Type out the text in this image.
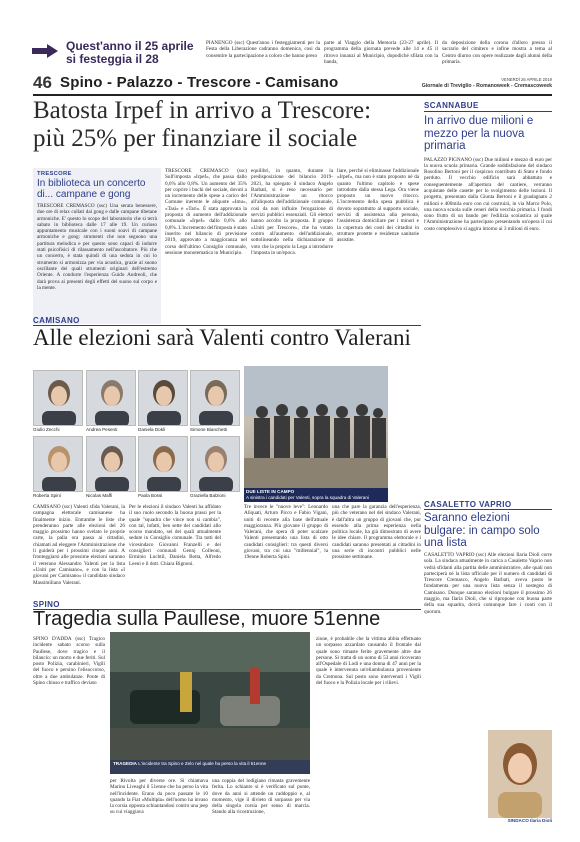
Quest'anno il 25 aprile si festeggia il 28
PIANENGO (ssc) Quest'anno i festeggiamenti per la Festa della Liberazione cadranno domenica, cosi da consentire la partecipazione a coloro che hanno preso
parte al Viaggio della Memoria (23-27 aprile). Il programma della giornata prevede alle 14 e 45 il ritrovo innanzi al Municipio, dopodiché sfilata con la banda,
da deposizione della corona d'alloro presso il sacrario del cimitero e infine mostra a tema al Centro diurno con opere realizzate dagli alunni della primaria.
46 Spino - Palazzo - Trescore - Camisano	VENERDÌ 26 APRILE 2019
Giornale di Treviglio - Romanoweek - Cremascoweek
Batosta Irpef in arrivo a Trescore: più 25% per finanziare il sociale
TRESCORE
In biblioteca un concerto di... campane e gong
TRESCORE CREMASCO (ssc) Una serata benessere, due ore di relax cullati dai gong e dalle campane tibetane armoniche. E' questo lo scopo del laboratorio che si terrà sabato in biblioteca dalle 17 alle 19. Un curioso appuntamento musicale con i suoni soavi di campane armoniche e gong: strumenti che non seguono una partitura melodica e per questo sono capaci di indurre stati psicofisici di rilassamento nell'ascoltatore. Più che un concerto, è stata quindi di una seduta in cui lo strumento si armonizza per via acustica, grazie al suono oscillante dei quali strumenti originari dell'estremo Oriente. A condurre l'esperienza Guido Andreoli, che darà prova ai presenti degli effetti del suono sul corpo e la mente.
TRESCORE CREMASCO (ssc) Sull'imposta «Irpef», che passa dallo 0,6% allo 0,8%. Un aumento del 35% per coprire i buchi del sociale, dovuti a un incremento delle spese a carico del Comune inerente le aliquote «Imu», «Tasi» e «Tari». È stata approvata la proposta di aumento dell'addizionale comunale «Irpef» dallo 0,6% allo 0,8%. L'incremento dell'imposta è stato inserito nel bilancio di previsione 2019, approvato a maggioranza nel corso dell'ultimo Consiglio comunale, sessione monotematica in Municipio.
equilibri, in quanto, durante la predisposizione del bilancio 2019-2021, ha spiegato il sindaco Angelo Barbati, si è reso necessario per l'Amministrazione un ritocco all'aliquota dell'addizionale comunale, così da non influire l'erogazione di servizi pubblici essenziali. Gli elettori hanno accolto la proposta. Il gruppo «Uniti per Trescore», che ha votato contro all'aumento dell'addizionale, sottolineando nella dichiarazione di voto che la proprio la Lega a introdurre l'imposta in un'epoca.
liare, perché si eliminasse l'addizionale «Irpef», ma non è stato proposto né da quanto l'ultimo capitolo e spese introdotte dalla stessa Lega. Ora viene proposto un nuovo ritocco. L'incremento della spesa pubblica è dovuto soprattutto al supporto sociale, servizi di assistenza alla persona, l'assistenza domiciliare per i minori e la copertura dei costi dei cittadini in strutture protette e residenze sanitarie assistite.
CAMISANO
Alle elezioni sarà Valenti contro Valerani
Giulio Zecchi	Andrea Pesenti	Daniela Dokli	Simone Bianchetti
Roberta Spini	Nicolas Maffi	Paola Bossi	Graziella Balzioni
DUE LISTE IN CAMPO
A sinistra i candidati per Valenti, sopra la squadra di Valerani
CAMISANO (ssc) Valenti sfida Valerani, la campagna elettorale camisanese ha finalmente inizio. Entrambe le liste che prenderanno parte alle elezioni del 26 maggio prossimo hanno svelato le proprie carte, la palla ora passa ai cittadini, chiamati ad eleggere l'Amministrazione che li guiderà per i prossimi cinque anni. A fronteggiarsi alle prossime elezioni saranno il veterano Alessandro Valenti per la lista «Uniti per Camisano», e con la lista «I giovani per Camisano» il candidato sindaco Massimiliano Valerani.
Per le elezioni il sindaco Valenti ha affidato il suo ruolo secondo la buona prassi per la quale "squadra che vince non si cambia", con tal, infatti, ben sette dei candidati allo scorso mandato, sei dei quali attualmente sedute in Consiglio comunale. Tra tutti del vicesindaco Giovanni Franzelli e dei consiglieri comunali Gennj Colleoni, Erminio Luchtil, Daniela Botta, Alfredo Leeni e il dott. Chiara Bignoni.
Tre invece le "nuove leve": Leonardo Aliquati, Arturo Picco e Fabio Vigani, uniti di recente alla base dell'attuale maggioranza. Più giovane il gruppo di Valerani, che spera di poter scalzare Valenti presentando una lista di otto candidati consiglieri: tra questi diversi giovani, tra cui una "millennial", la 19enne Roberta Spini.
una che pare la garanzia dell'esperienza, più che veterano nel del sindaco Valerani, è dall'altra un gruppo di giovani che, pur essendo alla prima esperienza nella politica locale, ha già dimostrato di avere le idee chiare. Il programma elettorale e i candidati saranno presentati ai cittadini in una serie di incontri pubblici nelle prossime settimane.
SCANNABUE
In arrivo due milioni e mezzo per la nuova primaria
PALAZZO PIGNANO (ssc) Due milioni e mezzo di euro per la nuova scuola primaria. Grande soddisfazione del sindaco Rosolino Bertoni per il cospicuo contributo di Stato e fondo perduto. Il vecchio edificio sarà abbattuto e conseguentemente all'apertura del cantiere, verranno acquistate delle casette per lo svolgimento delle lezioni. Il progetto, presentato dalla Giunta Bertoni e il guadagnato 2 milioni e 400mila euro con cui costruirà, in via Marco Polo, una nuova scuola sulle ceneri della vecchia primaria. I fondi sono frutto di un bando per l'edilizia scolastica al quale l'Amministrazione ha partecipato presentando un'opera il cui costo complessivo si aggira intorno ai 3 milioni di euro.
CASALETTO VAPRIO
Saranno elezioni bulgare: in campo solo una lista
CASALETTO VAPRIO (ssc) Alle elezioni Ilaria Dioli corre sola. La sindaca attualmente in carica a Casaletto Vaprio non vedrà sfidanti alla partita delle amministrative, alle quali non parteciperà né la lista ufficiale per il numero di candidati di Trescore Cremasco, Angelo Barbati, aveva posto le fondamenta per una nuova lista senza il sostegno di Camisano. Dunque saranno elezioni bulgare il prossimo 26 maggio, ma Ilaria Dioli, che si ripropone con buona parte della sua squadra, dovrà comunque fare i conti con il quorum.
SINDACO Ilaria Dioli
SPINO
Tragedia sulla Paullese, muore 51enne
SPINO D'ADDA (ssc) Tragico incidente sabato scorso sulla Paullese, dove tragico e il bilancio: un morto e due feriti. Sul posto Polizia, carabinieri, Vigili del fuoco e persino l'elisoccorso, oltre a due ambulanze. Ponte di Spino chiuso e traffico deviato
TRAGEDIA L'incidente tra Spino e Zelo nel quale ha perso la vita il 51enne
per Rivolta per diverse ore. Si chiamava Marino Liveaghi il 51enne che ha perso la vita nell'incidente. Erano da poco passate le 10 quando la Fiat «Multipla» dell'uomo ha invaso la corsia opposta schiantandosi contro una jeep su cui viaggiava
una coppia del lodigiano rimasta gravemente ferita. Lo schianto si è verificato sul ponte, dove da anni si attende un raddoppio e, al momento, vige il divieto di sorpasso per via della singola corsia per senso di marcia. Stando alla ricostruzione,
zione, è probabile che la vittima abbia effettuato un sorpasso azzardato causando il frontale dal quale sono rimaste ferite gravemente altre due persone. Si tratta di un uomo di 53 anni ricoverato all'Ospedale di Lodi e una donna di 47 anni per la quale è intervenuta un'eliambulanza proveniente da Cremona. Sul posto sono intervenuti i Vigili del fuoco e la Polizia locale per i rilievi.
